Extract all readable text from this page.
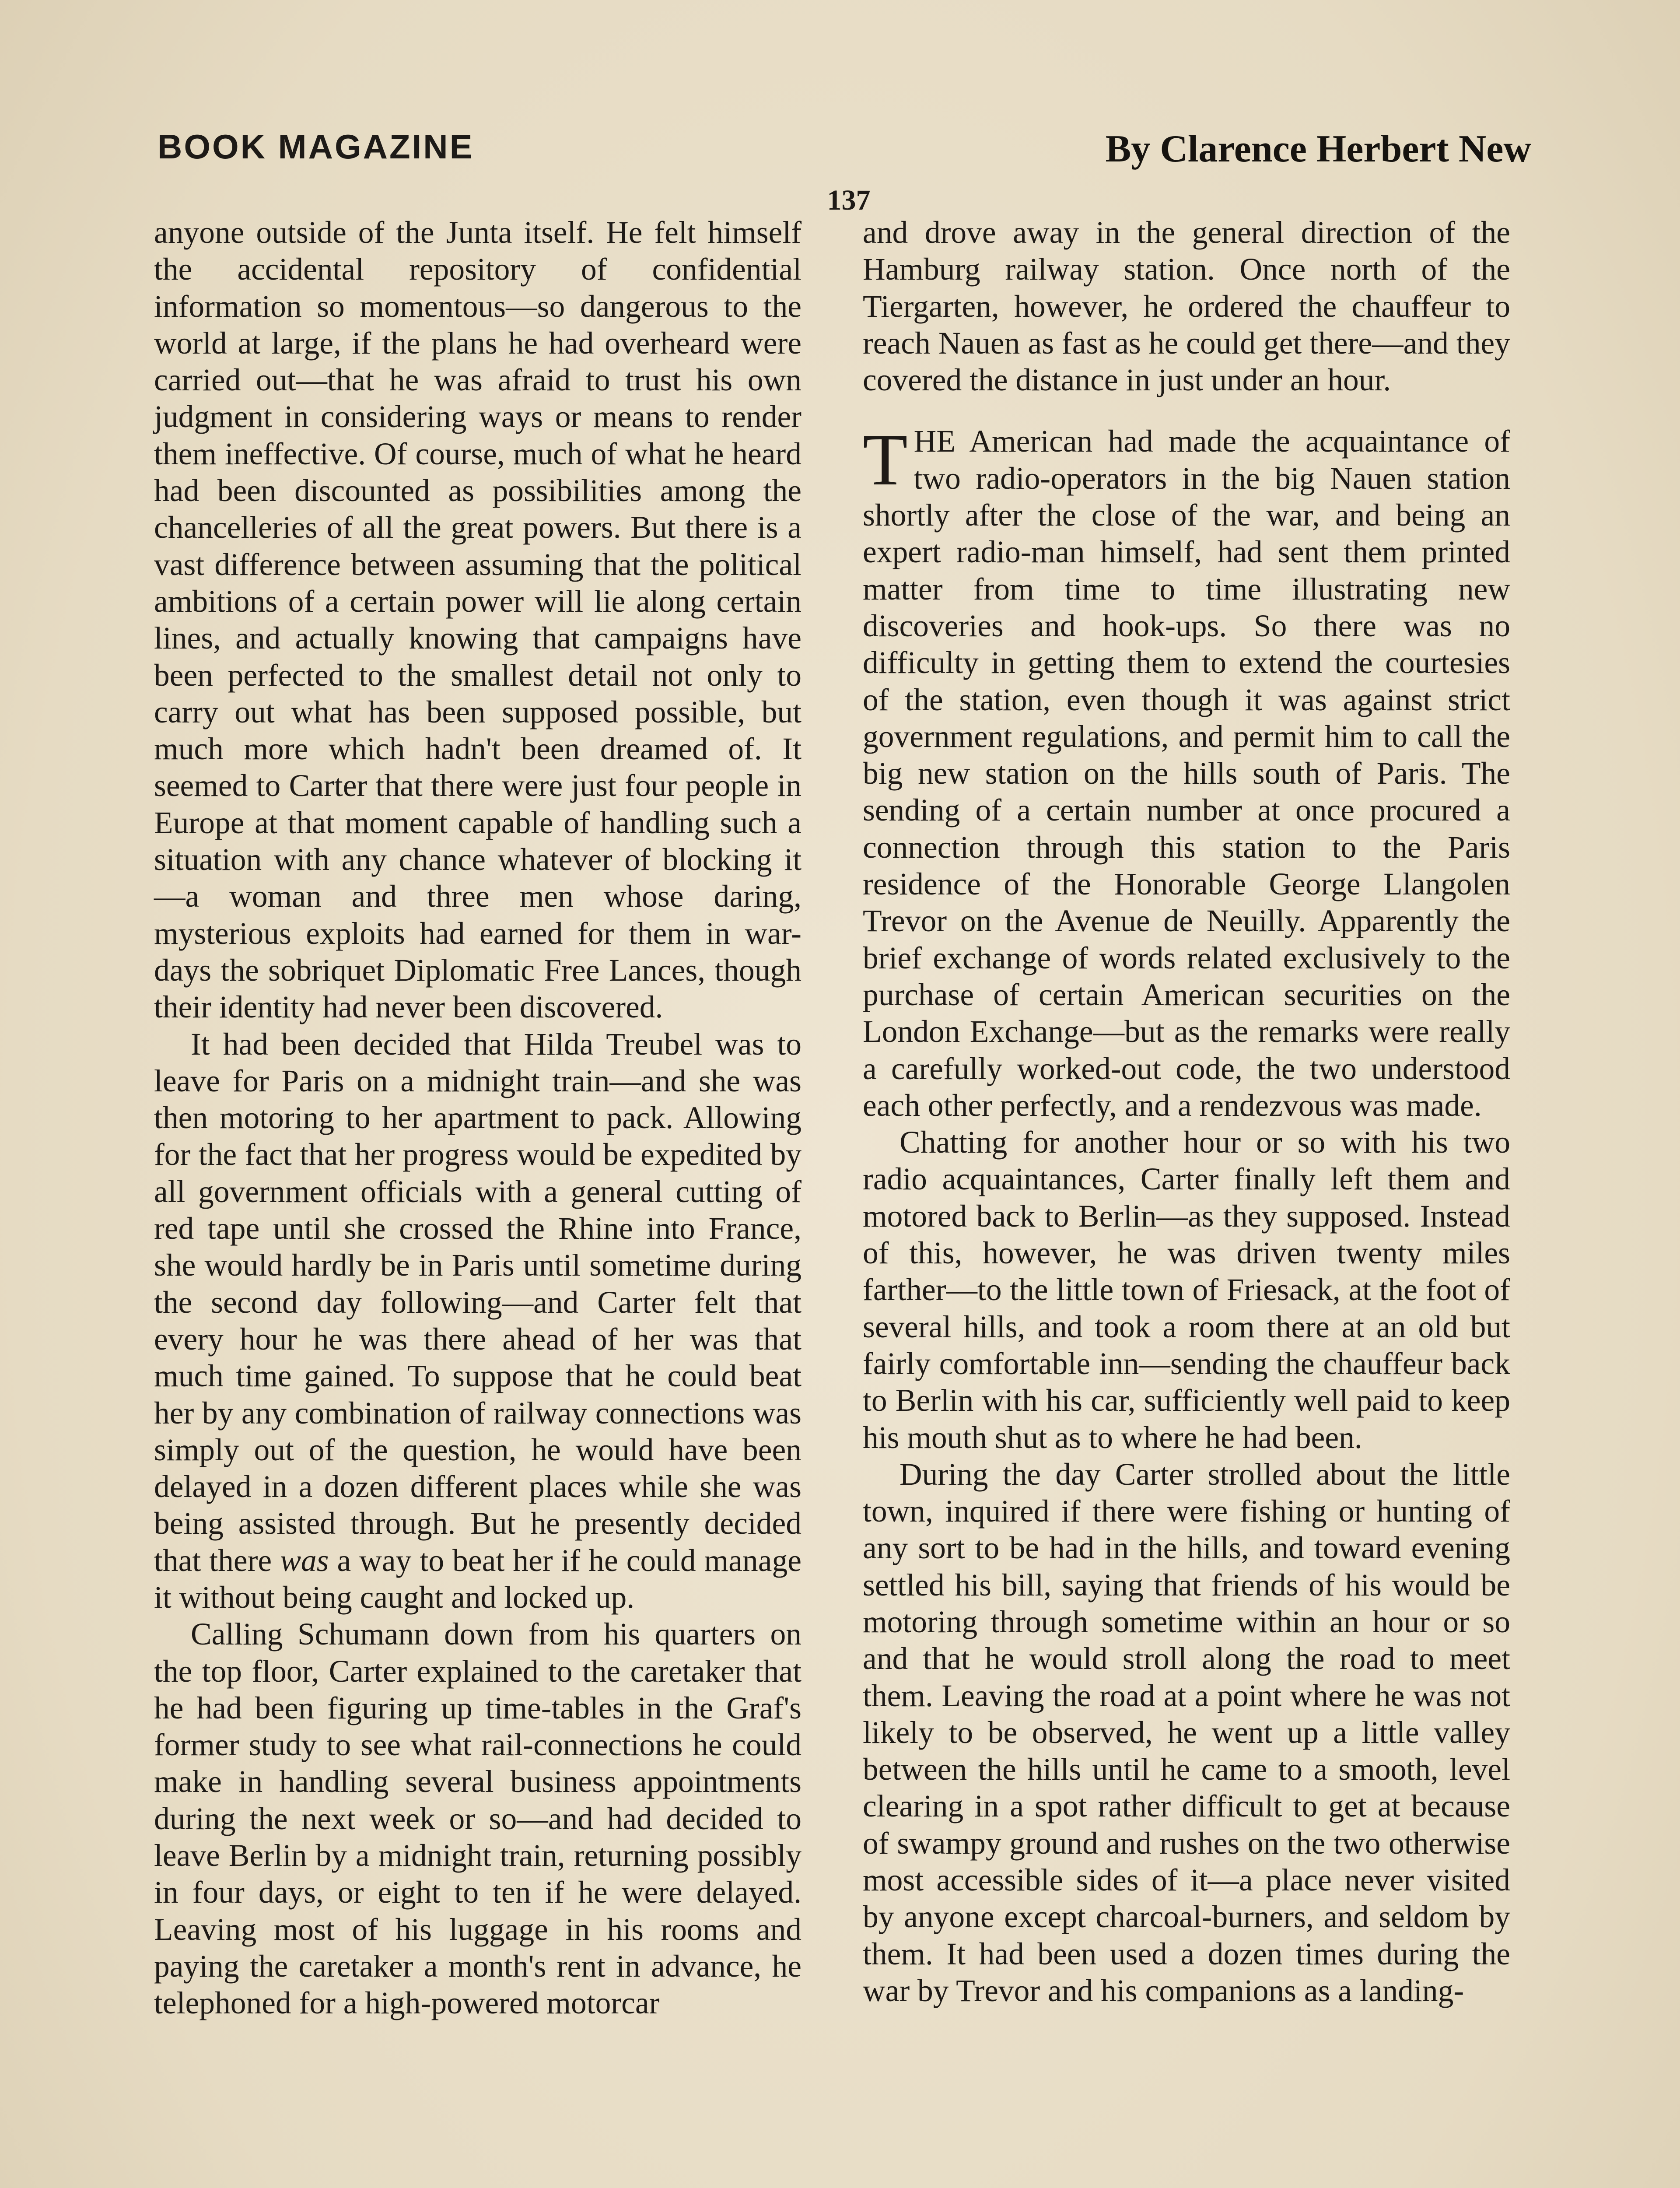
BOOK MAGAZINE	By Clarence Herbert New
137

anyone outside of the Junta itself. He felt himself the accidental repository of confidential information so momentous—so dangerous to the world at large, if the plans he had overheard were carried out—that he was afraid to trust his own judgment in considering ways or means to render them ineffective. Of course, much of what he heard had been discounted as possibilities among the chancelleries of all the great powers. But there is a vast difference between assuming that the political ambitions of a certain power will lie along certain lines, and actually knowing that campaigns have been perfected to the smallest detail not only to carry out what has been supposed possible, but much more which hadn't been dreamed of. It seemed to Carter that there were just four people in Europe at that moment capable of handling such a situation with any chance whatever of blocking it—a woman and three men whose daring, mysterious exploits had earned for them in war-days the sobriquet Diplomatic Free Lances, though their identity had never been discovered.

It had been decided that Hilda Treubel was to leave for Paris on a midnight train—and she was then motoring to her apartment to pack. Allowing for the fact that her progress would be expedited by all government officials with a general cutting of red tape until she crossed the Rhine into France, she would hardly be in Paris until sometime during the second day following—and Carter felt that every hour he was there ahead of her was that much time gained. To suppose that he could beat her by any combination of railway connections was simply out of the question, he would have been delayed in a dozen different places while she was being assisted through. But he presently decided that there was a way to beat her if he could manage it without being caught and locked up.

Calling Schumann down from his quarters on the top floor, Carter explained to the caretaker that he had been figuring up time-tables in the Graf's former study to see what rail-connections he could make in handling several business appointments during the next week or so—and had decided to leave Berlin by a midnight train, returning possibly in four days, or eight to ten if he were delayed. Leaving most of his luggage in his rooms and paying the caretaker a month's rent in advance, he telephoned for a high-powered motorcar

and drove away in the general direction of the Hamburg railway station. Once north of the Tiergarten, however, he ordered the chauffeur to reach Nauen as fast as he could get there—and they covered the distance in just under an hour.

THE American had made the acquaintance of two radio-operators in the big Nauen station shortly after the close of the war, and being an expert radio-man himself, had sent them printed matter from time to time illustrating new discoveries and hook-ups. So there was no difficulty in getting them to extend the courtesies of the station, even though it was against strict government regulations, and permit him to call the big new station on the hills south of Paris. The sending of a certain number at once procured a connection through this station to the Paris residence of the Honorable George Llangolen Trevor on the Avenue de Neuilly. Apparently the brief exchange of words related exclusively to the purchase of certain American securities on the London Exchange—but as the remarks were really a carefully worked-out code, the two understood each other perfectly, and a rendezvous was made.

Chatting for another hour or so with his two radio acquaintances, Carter finally left them and motored back to Berlin—as they supposed. Instead of this, however, he was driven twenty miles farther—to the little town of Friesack, at the foot of several hills, and took a room there at an old but fairly comfortable inn—sending the chauffeur back to Berlin with his car, sufficiently well paid to keep his mouth shut as to where he had been.

During the day Carter strolled about the little town, inquired if there were fishing or hunting of any sort to be had in the hills, and toward evening settled his bill, saying that friends of his would be motoring through sometime within an hour or so and that he would stroll along the road to meet them. Leaving the road at a point where he was not likely to be observed, he went up a little valley between the hills until he came to a smooth, level clearing in a spot rather difficult to get at because of swampy ground and rushes on the two otherwise most accessible sides of it—a place never visited by anyone except charcoal-burners, and seldom by them. It had been used a dozen times during the war by Trevor and his companions as a landing-
